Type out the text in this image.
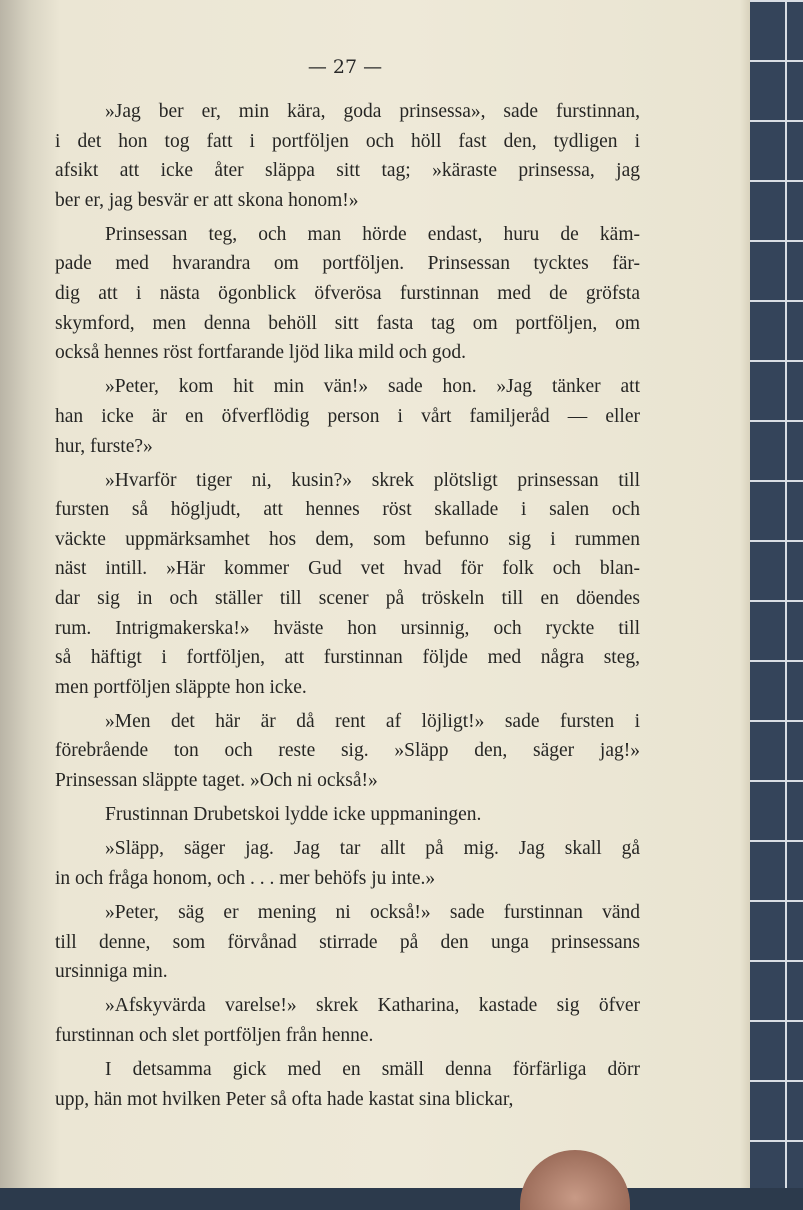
— 27 —
»Jag ber er, min kära, goda prinsessa», sade furstinnan,
i det hon tog fatt i portföljen och höll fast den, tydligen i
afsikt att icke åter släppa sitt tag; »käraste prinsessa, jag
ber er, jag besvär er att skona honom!»
Prinsessan teg, och man hörde endast, huru de käm-
pade med hvarandra om portföljen. Prinsessan tycktes fär-
dig att i nästa ögonblick öfverösa furstinnan med de gröfsta
skymford, men denna behöll sitt fasta tag om portföljen, om
också hennes röst fortfarande ljöd lika mild och god.
»Peter, kom hit min vän!» sade hon. »Jag tänker att
han icke är en öfverflödig person i vårt familjeråd — eller
hur, furste?»
»Hvarför tiger ni, kusin?» skrek plötsligt prinsessan till
fursten så högljudt, att hennes röst skallade i salen och
väckte uppmärksamhet hos dem, som befunno sig i rummen
näst intill. »Här kommer Gud vet hvad för folk och blan-
dar sig in och ställer till scener på tröskeln till en döendes
rum. Intrigmakerska!» hväste hon ursinnig, och ryckte till
så häftigt i fortföljen, att furstinnan följde med några steg,
men portföljen släppte hon icke.
»Men det här är då rent af löjligt!» sade fursten i
förebrående ton och reste sig. »Släpp den, säger jag!»
Prinsessan släppte taget. »Och ni också!»
Frustinnan Drubetskoi lydde icke uppmaningen.
»Släpp, säger jag. Jag tar allt på mig. Jag skall gå
in och fråga honom, och . . . mer behöfs ju inte.»
»Peter, säg er mening ni också!» sade furstinnan vänd
till denne, som förvånad stirrade på den unga prinsessans
ursinniga min.
»Afskyvärda varelse!» skrek Katharina, kastade sig öfver
furstinnan och slet portföljen från henne.
I detsamma gick med en smäll denna förfärliga dörr
upp, hän mot hvilken Peter så ofta hade kastat sina blickar,
